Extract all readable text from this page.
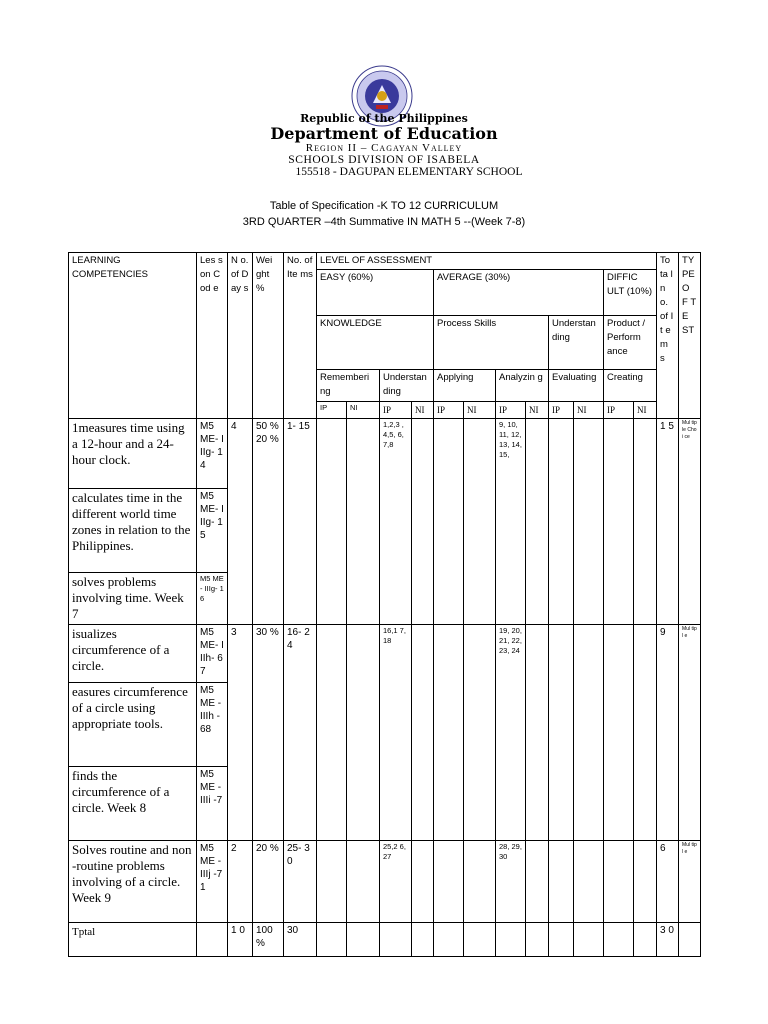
Republic of the Philippines
Department of Education
Region II – Cagayan Valley
SCHOOLS DIVISION OF ISABELA
155518 - DAGUPAN ELEMENTARY SCHOOL
Table of Specification -K TO 12 CURRICULUM
3RD QUARTER –4th Summative IN MATH 5 --(Week 7-8)
LEARNING COMPETENCIES	Les son Cod e	N o. of D ay s	Wei ght %	No. of Ite ms	LEVEL OF ASSESSMENT												To ta l n o. of It e m s	TY PE O F TE ST
					EASY (60%)				AVERAGE (30%)						DIFFIC ULT (10%)			
					KNOWLEDGE				Process Skills				Understan ding		Product / Perform ance			
					Rememberi ng		Understan ding		Applying		Analyzin g		Evaluating		Creating			
					IP	NI	IP	NI	IP	NI	IP	NI	IP	NI	IP	NI		
1measures time using a 12-hour and a 24-hour clock.	M5 ME- IIIg- 14	4	50 % 20 %	1- 15			1,2,3 ,4,5, 6,7,8				9, 10, 11, 12, 13, 14, 15,						1 5	Mul tiple Choi ce
calculates time in the different world time zones in relation to the Philippines.	M5 ME- IIIg- 15																	
solves problems involving time. Week 7	M5 ME- IIIg- 16																	
isualizes circumference of a circle.	M5 ME- IIIh- 67	3	30 %	16- 24			16,1 7,18				19, 20, 21, 22, 23, 24						9	Mul tipl e
easures circumference of a circle using appropriate tools.	M5 ME - IIIh -68																	
finds the circumference of a circle. Week 8	M5 ME - IIIi -7																	
Solves routine and non -routine problems involving of a circle. Week 9	M5 ME - IIIj -71	2	20 %	25- 30			25,2 6,27				28, 29, 30						6	Mul tipl e
Tptal		1 0	100 %	30													3 0	
